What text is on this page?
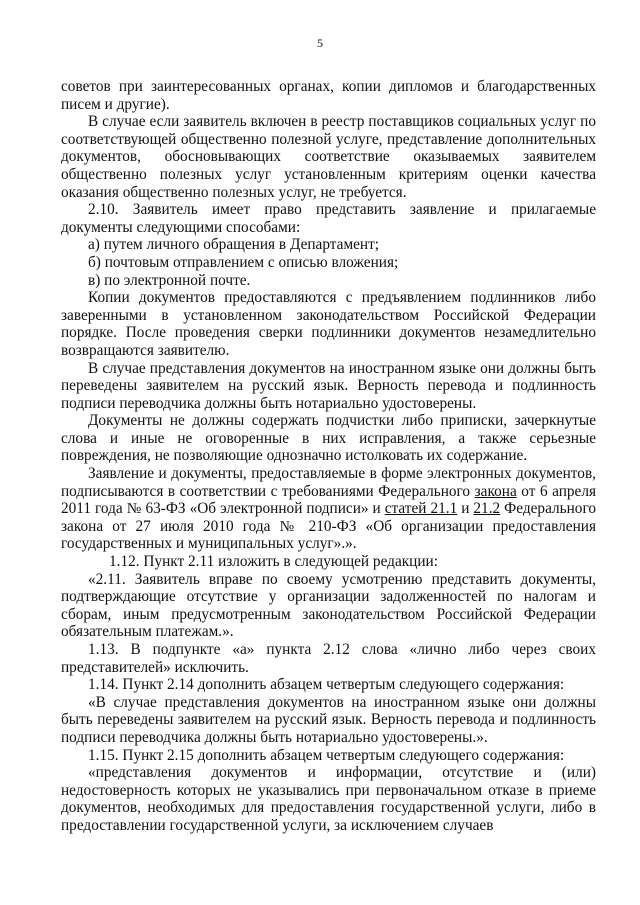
5

советов при заинтересованных органах, копии дипломов и благодарственных писем и другие).

В случае если заявитель включен в реестр поставщиков социальных услуг по соответствующей общественно полезной услуге, представление дополнительных документов, обосновывающих соответствие оказываемых заявителем общественно полезных услуг установленным критериям оценки качества оказания общественно полезных услуг, не требуется.

2.10. Заявитель имеет право представить заявление и прилагаемые документы следующими способами:

а) путем личного обращения в Департамент;

б) почтовым отправлением с описью вложения;

в) по электронной почте.

Копии документов предоставляются с предъявлением подлинников либо заверенными в установленном законодательством Российской Федерации порядке. После проведения сверки подлинники документов незамедлительно возвращаются заявителю.

В случае представления документов на иностранном языке они должны быть переведены заявителем на русский язык. Верность перевода и подлинность подписи переводчика должны быть нотариально удостоверены.

Документы не должны содержать подчистки либо приписки, зачеркнутые слова и иные не оговоренные в них исправления, а также серьезные повреждения, не позволяющие однозначно истолковать их содержание.

Заявление и документы, предоставляемые в форме электронных документов, подписываются в соответствии с требованиями Федерального закона от 6 апреля 2011 года № 63-ФЗ «Об электронной подписи» и статей 21.1 и 21.2 Федерального закона от 27 июля 2010 года № 210-ФЗ «Об организации предоставления государственных и муниципальных услуг».».

1.12. Пункт 2.11 изложить в следующей редакции:

«2.11. Заявитель вправе по своему усмотрению представить документы, подтверждающие отсутствие у организации задолженностей по налогам и сборам, иным предусмотренным законодательством Российской Федерации обязательным платежам.».

1.13. В подпункте «а» пункта 2.12 слова «лично либо через своих представителей» исключить.

1.14. Пункт 2.14 дополнить абзацем четвертым следующего содержания:

«В случае представления документов на иностранном языке они должны быть переведены заявителем на русский язык. Верность перевода и подлинность подписи переводчика должны быть нотариально удостоверены.».

1.15. Пункт 2.15 дополнить абзацем четвертым следующего содержания:

«представления документов и информации, отсутствие и (или) недостоверность которых не указывались при первоначальном отказе в приеме документов, необходимых для предоставления государственной услуги, либо в предоставлении государственной услуги, за исключением случаев
